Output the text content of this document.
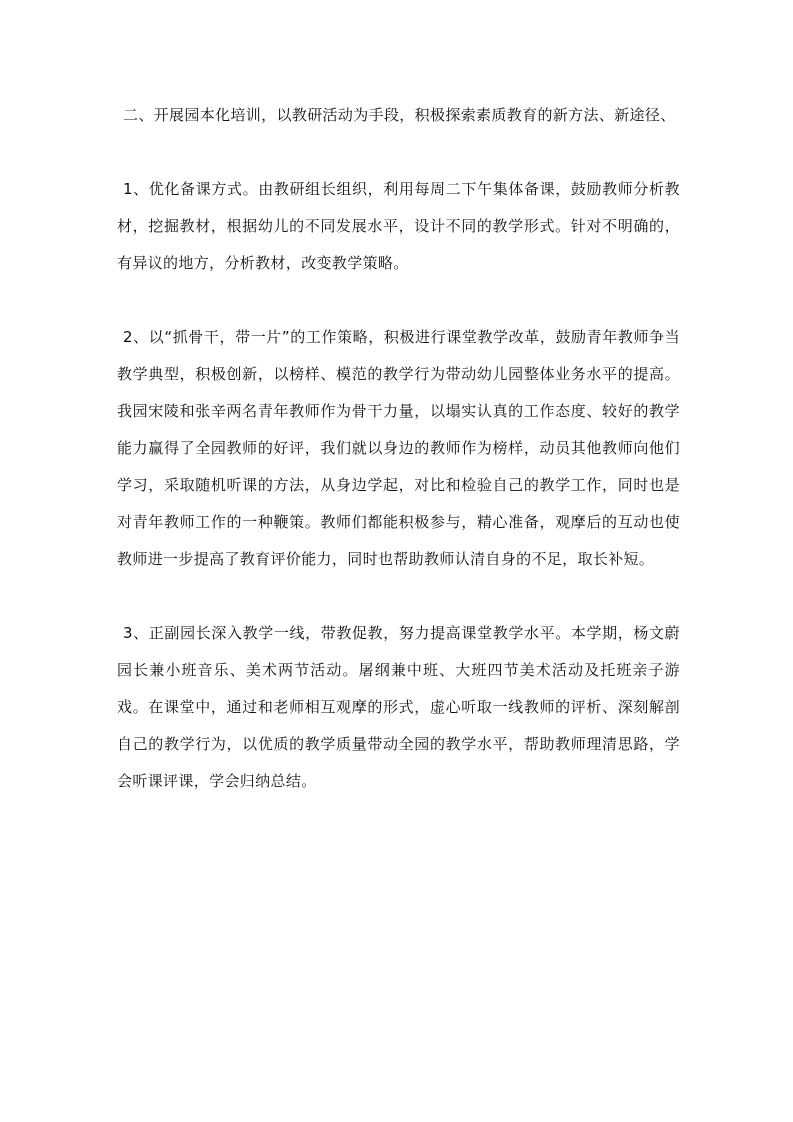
二、开展园本化培训，以教研活动为手段，积极探索素质教育的新方法、新途径、

1、优化备课方式。由教研组长组织，利用每周二下午集体备课，鼓励教师分析教材，挖掘教材，根据幼儿的不同发展水平，设计不同的教学形式。针对不明确的，有异议的地方，分析教材，改变教学策略。

2、以“抓骨干，带一片”的工作策略，积极进行课堂教学改革，鼓励青年教师争当教学典型，积极创新，以榜样、模范的教学行为带动幼儿园整体业务水平的提高。我园宋陵和张辛两名青年教师作为骨干力量，以塌实认真的工作态度、较好的教学能力赢得了全园教师的好评，我们就以身边的教师作为榜样，动员其他教师向他们学习，采取随机听课的方法，从身边学起，对比和检验自己的教学工作，同时也是对青年教师工作的一种鞭策。教师们都能积极参与，精心准备，观摩后的互动也使教师进一步提高了教育评价能力，同时也帮助教师认清自身的不足，取长补短。

3、正副园长深入教学一线，带教促教，努力提高课堂教学水平。本学期，杨文蔚园长兼小班音乐、美术两节活动。屠纲兼中班、大班四节美术活动及托班亲子游戏。在课堂中，通过和老师相互观摩的形式，虚心听取一线教师的评析、深刻解剖自己的教学行为，以优质的教学质量带动全园的教学水平，帮助教师理清思路，学会听课评课，学会归纳总结。
